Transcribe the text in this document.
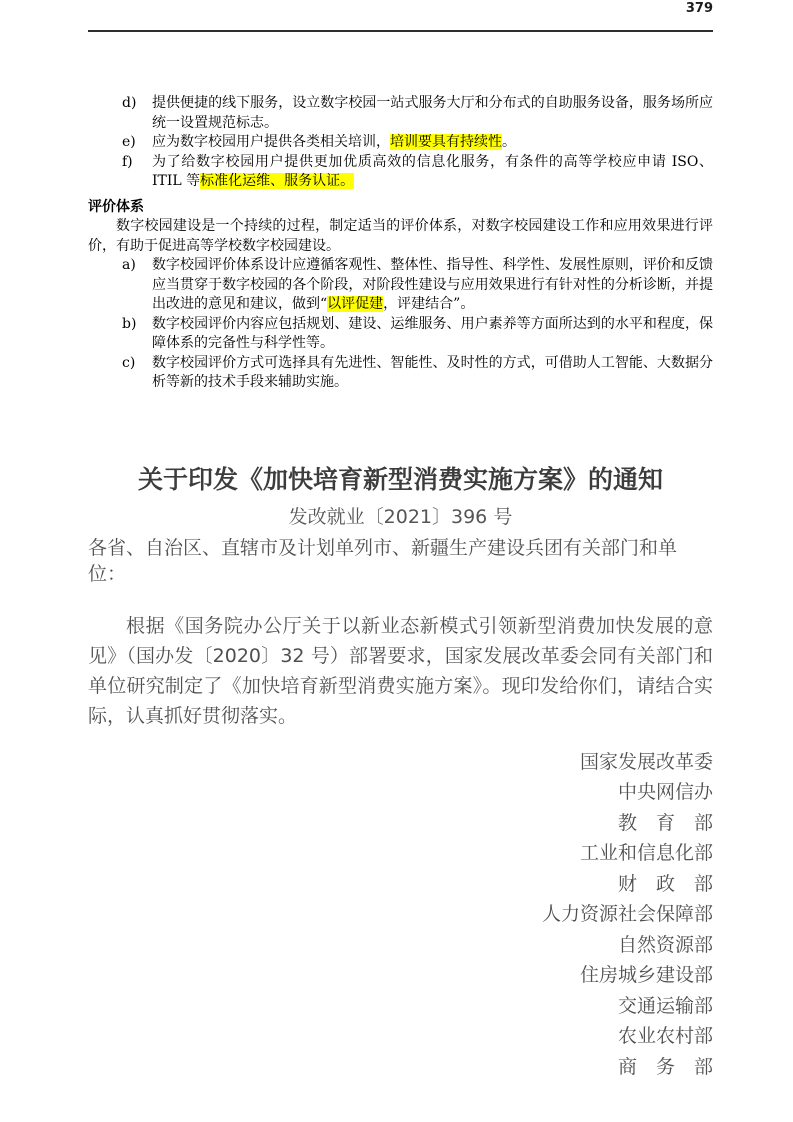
379
d)	提供便捷的线下服务，设立数字校园一站式服务大厅和分布式的自助服务设备，服务场所应统一设置规范标志。
e)	应为数字校园用户提供各类相关培训，培训要具有持续性。
f)	为了给数字校园用户提供更加优质高效的信息化服务，有条件的高等学校应申请 ISO、ITIL 等标准化运维、服务认证。
评价体系
数字校园建设是一个持续的过程，制定适当的评价体系，对数字校园建设工作和应用效果进行评价，有助于促进高等学校数字校园建设。
a)	数字校园评价体系设计应遵循客观性、整体性、指导性、科学性、发展性原则，评价和反馈应当贯穿于数字校园的各个阶段，对阶段性建设与应用效果进行有针对性的分析诊断，并提出改进的意见和建议，做到“以评促建，评建结合”。
b)	数字校园评价内容应包括规划、建设、运维服务、用户素养等方面所达到的水平和程度，保障体系的完备性与科学性等。
c)	数字校园评价方式可选择具有先进性、智能性、及时性的方式，可借助人工智能、大数据分析等新的技术手段来辅助实施。
关于印发《加快培育新型消费实施方案》的通知
发改就业〔2021〕396 号
各省、自治区、直辖市及计划单列市、新疆生产建设兵团有关部门和单位：
根据《国务院办公厅关于以新业态新模式引领新型消费加快发展的意见》（国办发〔2020〕32 号）部署要求，国家发展改革委会同有关部门和单位研究制定了《加快培育新型消费实施方案》。现印发给你们，请结合实际，认真抓好贯彻落实。
国家发展改革委
中央网信办
教　育　部
工业和信息化部
财　政　部
人力资源社会保障部
自然资源部
住房城乡建设部
交通运输部
农业农村部
商　务　部
